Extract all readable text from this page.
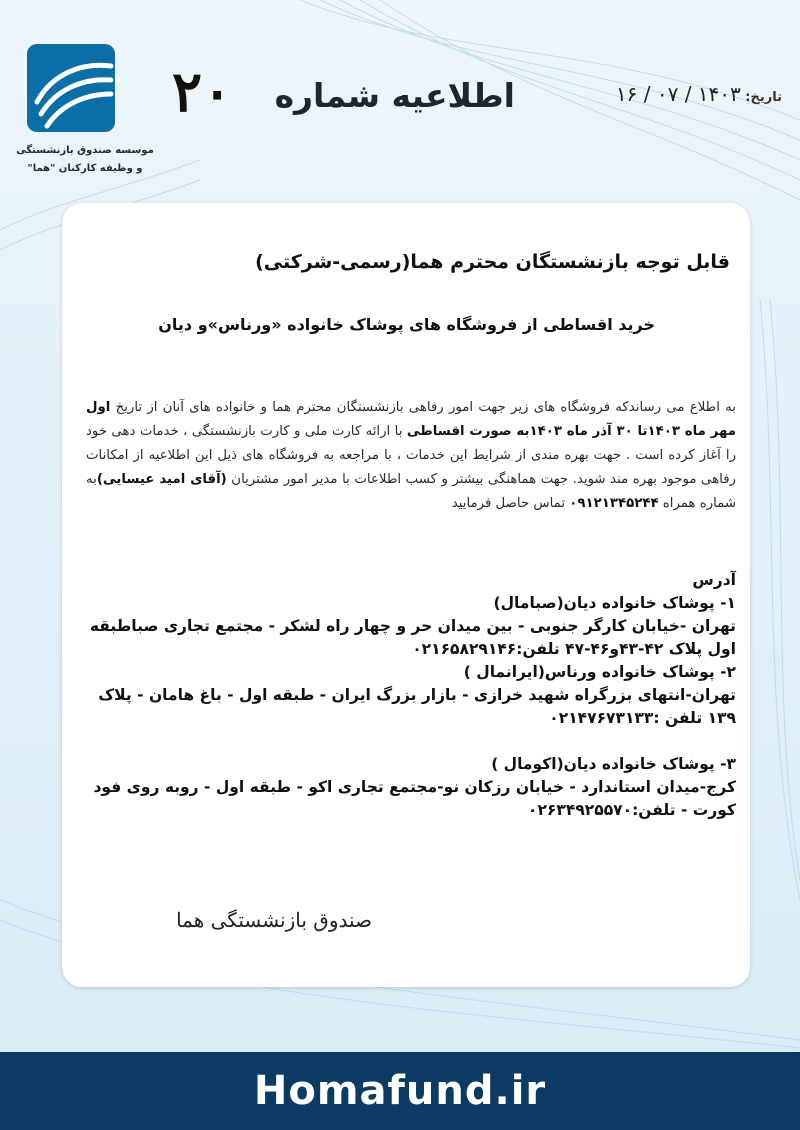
موسسه صندوق بازنشستگی
و وظیفه کارکنان "هما"
۲۰ اطلاعیه شماره	تاریخ: ۱۴۰۳ / ۰۷ / ۱۶
قابل توجه بازنشستگان محترم هما(رسمی-شرکتی)
خرید اقساطی از فروشگاه های پوشاک خانواده «ورناس»و دیان
به اطلاع می رساندکه فروشگاه های زیر جهت امور رفاهی بازنشستگان محترم هما و خانواده های آنان از تاریخ اول مهر ماه ۱۴۰۳تا ۳۰ آذر ماه ۱۴۰۳به صورت اقساطی با ارائه کارت ملی و کارت بازنشستگی ، خدمات دهی خود را آغاز کرده است . جهت بهره مندی از شرایط این خدمات ، با مراجعه به فروشگاه های ذیل این اطلاعیه از امکانات رفاهی موجود بهره مند شوید. جهت هماهنگی بیشتر و کسب اطلاعات با مدیر امور مشتریان (آقای امید عیسایی)به شماره همراه ۰۹۱۲۱۳۴۵۲۴۴ تماس حاصل فرمایید
آدرس
۱- پوشاک خانواده دیان(صبامال)
تهران -خیابان کارگر جنوبی - بین میدان حر و چهار راه لشکر - مجتمع تجاری صباطبقه اول پلاک ۴۲-۴۳و۴۶-۴۷ تلفن:۰۲۱۶۵۸۲۹۱۴۶
۲- پوشاک خانواده ورناس(ایرانمال )
تهران-انتهای بزرگراه شهید خرازی - بازار بزرگ ایران - طبقه اول - باغ هامان - پلاک ۱۳۹ تلفن :۰۲۱۴۷۶۷۳۱۳۳
۳- پوشاک خانواده دیان(اکومال )
کرج-میدان استاندارد - خیابان رزکان نو-مجتمع تجاری اکو - طبقه اول - روبه روی فود کورت - تلفن:۰۲۶۳۴۹۲۵۵۷۰
صندوق بازنشستگی هما
Homafund.ir
